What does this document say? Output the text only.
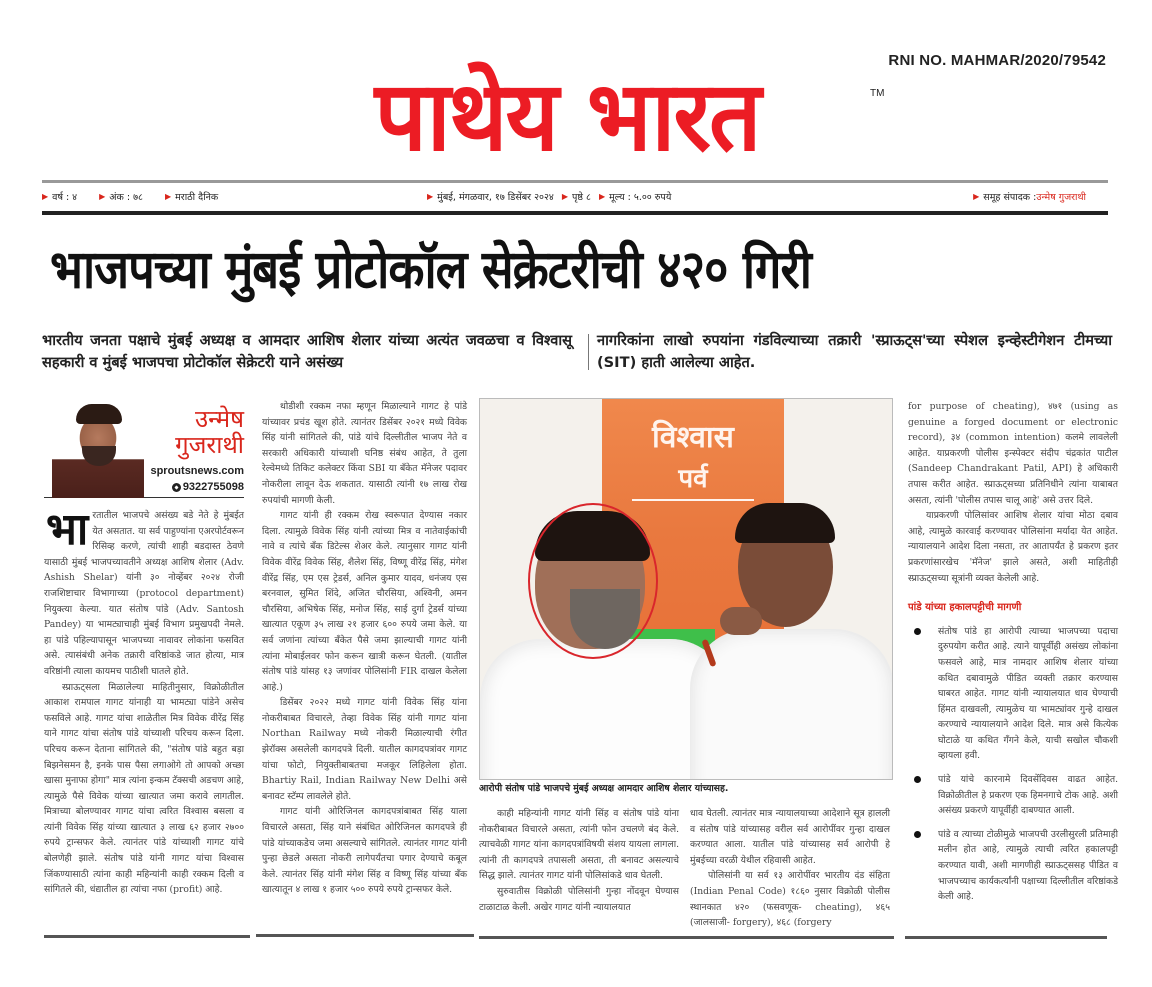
RNI NO. MAHMAR/2020/79542
पाथेय भारत	TM
▶ वर्ष : ४	▶ अंक : ७८	▶ मराठी दैनिक	▶ मुंबई, मंगळवार, १७ डिसेंबर २०२४ ▶ पृष्ठे ८ ▶ मूल्य : ५.०० रुपये	▶ समूह संपादक : उन्मेष गुजराथी
भाजपच्या मुंबई प्रोटोकॉल सेक्रेटरीची ४२० गिरी
भारतीय जनता पक्षाचे मुंबई अध्यक्ष व आमदार आशिष शेलार यांच्या अत्यंत जवळचा व विश्वासू सहकारी व मुंबई भाजपचा प्रोटोकॉल सेक्रेटरी याने असंख्य
नागरिकांना लाखो रुपयांना गंडविल्याच्या तक्रारी 'स्प्राऊट्स'च्या स्पेशल इन्व्हेस्टीगेशन टीमच्या (SIT) हाती आलेल्या आहेत.
उन्मेष
गुजराथी
sproutsnews.com
9322755098

भारतातील भाजपचे असंख्य बडे नेते हे मुंबईत येत असतात. या सर्व पाहुण्यांना एअरपोर्टवरून रिसिव्ह करणे, त्यांची शाही बडदास्त ठेवणे यासाठी मुंबई भाजपच्यावतीने अध्यक्ष आशिष शेलार (Adv. Ashish Shelar) यांनी ३० नोव्हेंबर २०२४ रोजी राजशिष्टाचार विभागाच्या (protocol department) नियुक्त्या केल्या. यात संतोष पांडे (Adv. Santosh Pandey) या भामट्याचाही मुंबई विभाग प्रमुखपदी नेमले. हा पांडे पहिल्यापासून भाजपच्या नावावर लोकांना फसवित असे. त्यासंबंधी अनेक तक्रारी वरिष्ठांकडे जात होत्या, मात्र वरिष्ठांनी त्याला कायमच पाठीशी घातले होते.

स्प्राऊट्सला मिळालेल्या माहितीनुसार, विक्रोळीतील आकाश रामपाल गागट यांनाही या भामट्या पांडेने असेच फसविले आहे. गागट यांचा शाळेतील मित्र विवेक वीरेंद्र सिंह याने गागट यांचा संतोष पांडे यांच्याशी परिचय करून दिला. परिचय करून देताना सांगितले की, "संतोष पांडे बहुत बड़ा बिझनेसमन है, इनके पास पैसा लगाओगे तो आपको अच्छा खासा मुनाफा होगा" मात्र त्यांना इन्कम टॅक्सची अडचण आहे, त्यामुळे पैसे विवेक यांच्या खात्यात जमा करावे लागतील. मित्राच्या बोलण्यावर गागट यांचा त्वरित विश्वास बसला व त्यांनी विवेक सिंह यांच्या खात्यात ३ लाख ६२ हजार २७०० रुपये ट्रान्सफर केले. त्यानंतर पांडे यांच्याशी गागट यांचे बोलणेही झाले. संतोष पांडे यांनी गागट यांचा विश्वास जिंकण्यासाठी त्यांना काही महिन्यांनी काही रक्कम दिली व सांगितले की, धंद्यातील हा त्यांचा नफा (profit) आहे.

थोडीशी रक्कम नफा म्हणून मिळाल्याने गागट हे पांडे यांच्यावर प्रचंड खूश होते. त्यानंतर डिसेंबर २०२१ मध्ये विवेक सिंह यांनी सांगितले की, पांडे यांचे दिल्लीतील भाजप नेते व सरकारी अधिकारी यांच्याशी घनिष्ठ संबंध आहेत, ते तुला रेल्वेमध्ये तिकिट कलेक्टर किंवा SBI या बँकेत मॅनेजर पदावर नोकरीला लावून देऊ शकतात. यासाठी त्यांनी १७ लाख रोख रुपयांची मागणी केली.

गागट यांनी ही रक्कम रोख स्वरूपात देण्यास नकार दिला. त्यामुळे विवेक सिंह यांनी त्यांच्या मित्र व नातेवाईकांची नावे व त्यांचे बँक डिटेल्स शेअर केले. त्यानुसार गागट यांनी विवेक वीरेंद्र विवेक सिंह, शैलेश सिंह, विष्णू वीरेंद्र सिंह, मंगेश वीरेंद्र सिंह, एम एस ट्रेडर्स, अनिल कुमार यादव, धनंजय एस बरनवाल, सुमित शिंदे, अजित चौरसिया, अश्विनी, अमन चौरसिया, अभिषेक सिंह, मनोज सिंह, साई दुर्गा ट्रेडर्स यांच्या खात्यात एकूण ३५ लाख २१ हजार ६०० रुपये जमा केले. या सर्व जणांना त्यांच्या बँकेत पैसे जमा झाल्याची गागट यांनी त्यांना मोबाईलवर फोन करून खात्री करून घेतली. (यातील संतोष पांडे यांसह १३ जणांवर पोलिसांनी FIR दाखल केलेला आहे.)

डिसेंबर २०२२ मध्ये गागट यांनी विवेक सिंह यांना नोकरीबाबत विचारले, तेव्हा विवेक सिंह यांनी गागट यांना Northan Railway मध्ये नोकरी मिळाल्याची रंगीत झेरॉक्स असलेली कागदपत्रे दिली. यातील कागदपत्रांवर गागट यांचा फोटो, नियुक्तीबाबतचा मजकूर लिहिलेला होता. Bhartiy Rail, Indian Railway New Delhi असे बनावट स्टॅम्प लावलेले होते.

गागट यांनी ओरिजिनल कागदपत्रांबाबत सिंह याला विचारले असता, सिंह याने संबंधित ओरिजिनल कागदपत्रे ही पांडे यांच्याकडेच जमा असल्याचे सांगितले. त्यानंतर गागट यांनी पुन्हा छेडले असता नोकरी लागेपर्यंतचा पगार देण्याचे कबूल केले. त्यानंतर सिंह यांनी मंगेश सिंह व विष्णू सिंह यांच्या बँक खात्यातून ४ लाख १ हजार ५०० रुपये रुपये ट्रान्सफर केले.

विश्वास
पर्व
आरोपी संतोष पांडे भाजपचे मुंबई अध्यक्ष आमदार आशिष शेलार यांच्यासह.

काही महिन्यांनी गागट यांनी सिंह व संतोष पांडे यांना नोकरीबाबत विचारले असता, त्यांनी फोन उचलणे बंद केले. त्याचवेळी गागट यांना कागदपत्रांविषयी संशय यायला लागला. त्यांनी ती कागदपत्रे तपासली असता, ती बनावट असल्याचे सिद्ध झाले. त्यानंतर गागट यांनी पोलिसांकडे धाव घेतली.

सुरुवातीस विक्रोळी पोलिसांनी गुन्हा नोंदवून घेण्यास टाळाटाळ केली. अखेर गागट यांनी न्यायालयात

धाव घेतली. त्यानंतर मात्र न्यायालयाच्या आदेशाने सूत्र हालली व संतोष पांडे यांच्यासह वरील सर्व आरोपींवर गुन्हा दाखल करण्यात आला. यातील पांडे यांच्यासह सर्व आरोपी हे मुंबईच्या वरळी येथील रहिवासी आहेत.

पोलिसांनी या सर्व १३ आरोपींवर भारतीय दंड संहिता (Indian Penal Code) १८६० नुसार विक्रोळी पोलीस स्थानकात ४२० (फसवणूक- cheating), ४६५ (जालसाजी- forgery), ४६८ (forgery

for purpose of cheating), ४७१ (using as genuine a forged document or electronic record), ३४ (common intention) कलमे लावलेली आहेत. याप्रकरणी पोलीस इन्स्पेक्टर संदीप चंद्रकांत पाटील (Sandeep Chandrakant Patil, API) हे अधिकारी तपास करीत आहेत. स्प्राऊट्सच्या प्रतिनिधीने त्यांना याबाबत असता, त्यांनी 'पोलीस तपास चालू आहे' असे उत्तर दिले.

याप्रकरणी पोलिसांवर आशिष शेलार यांचा मोठा दबाव आहे, त्यामुळे कारवाई करण्यावर पोलिसांना मर्यादा येत आहेत. न्यायालयाने आदेश दिला नसता, तर आतापर्यंत हे प्रकरण इतर प्रकरणांसारखेच 'मॅनेज' झाले असते, अशी माहितीही स्प्राऊट्सच्या सूत्रांनी व्यक्त केलेली आहे.

पांडे यांच्या हकालपट्टीची मागणी
संतोष पांडे हा आरोपी त्याच्या भाजपच्या पदाचा दुरुपयोग करीत आहे. त्याने यापूर्वीही असंख्य लोकांना फसवले आहे, मात्र नामदार आशिष शेलार यांच्या कथित दबावामुळे पीडित व्यक्ती तक्रार करण्यास घाबरत आहेत. गागट यांनी न्यायालयात धाव घेण्याची हिंमत दाखवली, त्यामुळेच या भामट्यांवर गुन्हे दाखल करण्याचे न्यायालयाने आदेश दिले. मात्र असे कित्येक घोटाळे या कथित गँगने केले, याची सखोल चौकशी व्हायला हवी.
पांडे यांचे कारनामे दिवसेंदिवस वाढत आहेत. विक्रोळीतील हे प्रकरण एक हिमनगाचे टोक आहे. अशी असंख्य प्रकरणे यापूर्वीही दाबण्यात आली.
पांडे व त्याच्या टोळीमुळे भाजपची उरलीसुरली प्रतिमाही मलीन होत आहे, त्यामुळे त्याची त्वरित हकालपट्टी करण्यात यावी, अशी मागणीही स्प्राऊट्ससह पीडित व भाजपच्याच कार्यकर्त्यांनी पक्षाच्या दिल्लीतील वरिष्ठांकडे केली आहे.
